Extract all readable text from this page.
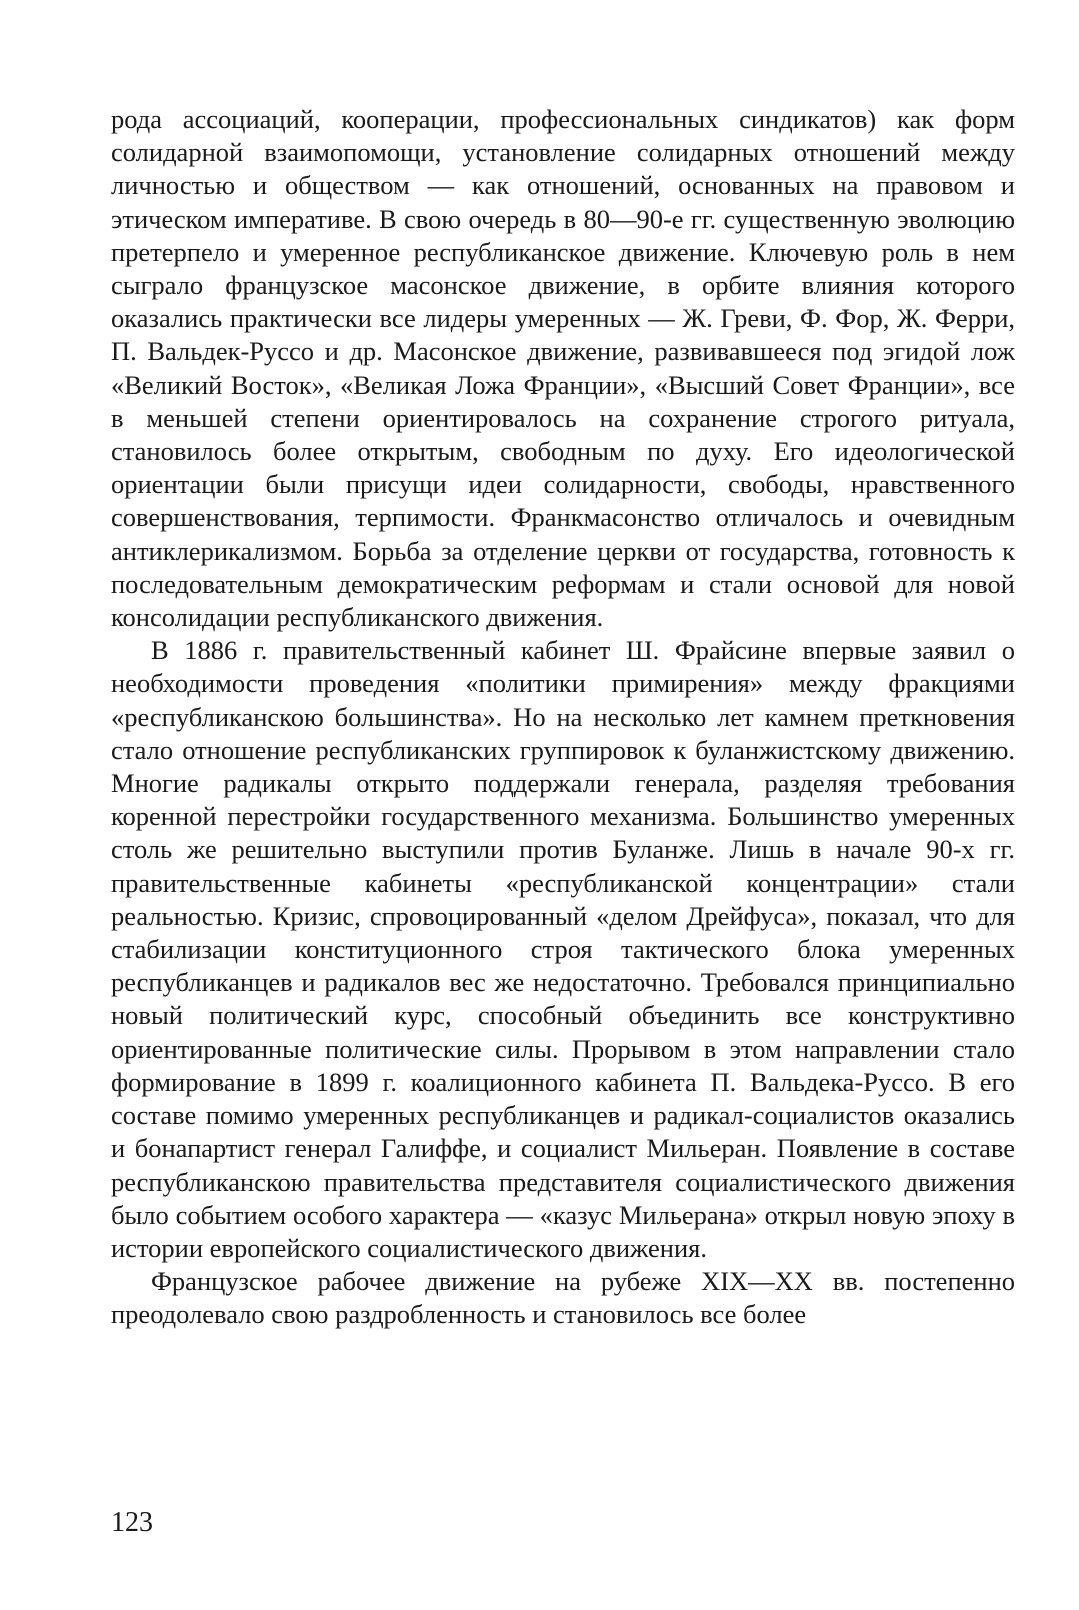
рода ассоциаций, кооперации, профессиональных синдикатов) как форм солидарной взаимопомощи, установление солидарных отношений между личностью и обществом — как отношений, основанных на правовом и этическом императиве. В свою очередь в 80—90-е гг. существенную эволюцию претерпело и умеренное республиканское движение. Ключевую роль в нем сыграло французское масонское движение, в орбите влияния которого оказались практически все лидеры умеренных — Ж. Греви, Ф. Фор, Ж. Ферри, П. Вальдек-Руссо и др. Масонское движение, развивавшееся под эгидой лож «Великий Восток», «Великая Ложа Франции», «Высший Совет Франции», все в меньшей степени ориентировалось на сохранение строгого ритуала, становилось более открытым, свободным по духу. Его идеологической ориентации были присущи идеи солидарности, свободы, нравственного совершенствования, терпимости. Франкмасонство отличалось и очевидным антиклерикализмом. Борьба за отделение церкви от государства, готовность к последовательным демократическим реформам и стали основой для новой консолидации республиканского движения.

В 1886 г. правительственный кабинет Ш. Фрайсине впервые заявил о необходимости проведения «политики примирения» между фракциями «республиканскою большинства». Но на несколько лет камнем преткновения стало отношение республиканских группировок к буланжистскому движению. Многие радикалы открыто поддержали генерала, разделяя требования коренной перестройки государственного механизма. Большинство умеренных столь же решительно выступили против Буланже. Лишь в начале 90-х гг. правительственные кабинеты «республиканской концентрации» стали реальностью. Кризис, спровоцированный «делом Дрейфуса», показал, что для стабилизации конституционного строя тактического блока умеренных республиканцев и радикалов вес же недостаточно. Требовался принципиально новый политический курс, способный объединить все конструктивно ориентированные политические силы. Прорывом в этом направлении стало формирование в 1899 г. коалиционного кабинета П. Вальдека-Руссо. В его составе помимо умеренных республиканцев и радикал-социалистов оказались и бонапартист генерал Галиффе, и социалист Мильеран. Появление в составе республиканскою правительства представителя социалистического движения было событием особого характера — «казус Мильерана» открыл новую эпоху в истории европейского социалистического движения.

Французское рабочее движение на рубеже XIX—XX вв. постепенно преодолевало свою раздробленность и становилось все более

123
